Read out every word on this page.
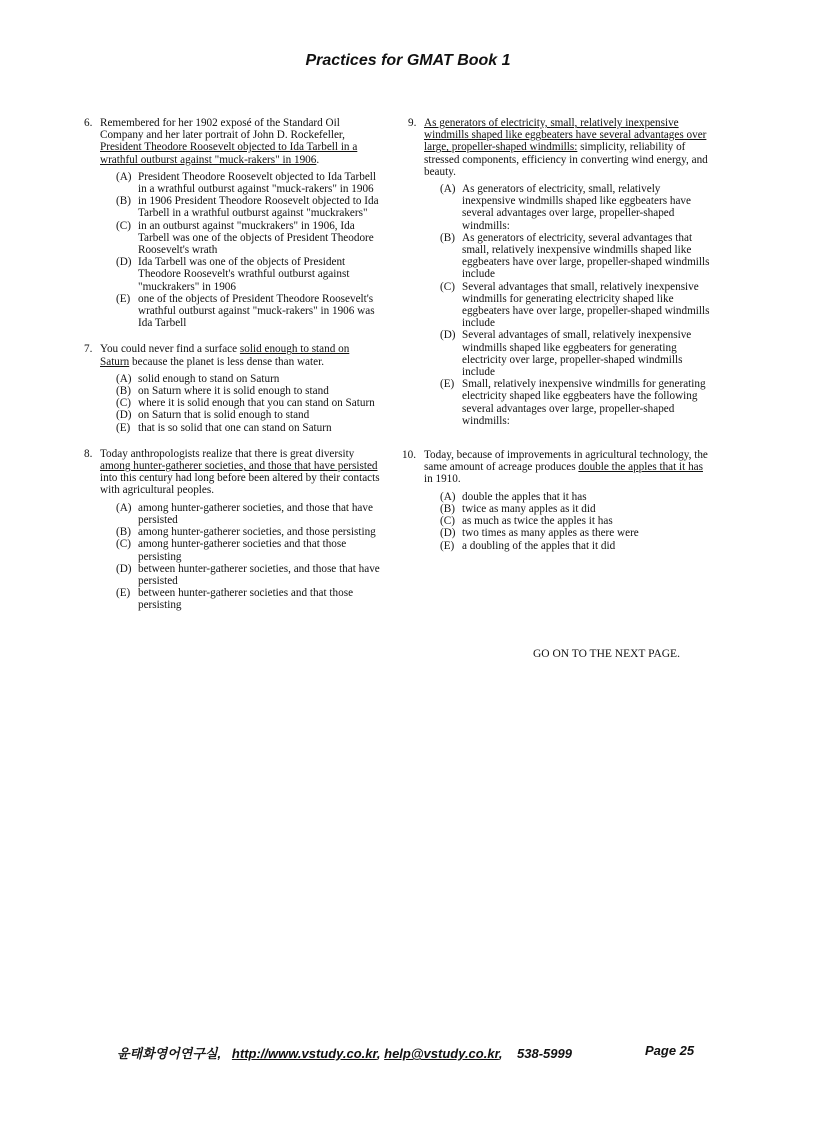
Practices for GMAT Book 1
6. Remembered for her 1902 exposé of the Standard Oil Company and her later portrait of John D. Rockefeller, President Theodore Roosevelt objected to Ida Tarbell in a wrathful outburst against "muck-rakers" in 1906.

(A) President Theodore Roosevelt objected to Ida Tarbell in a wrathful outburst against "muck-rakers" in 1906
(B) in 1906 President Theodore Roosevelt objected to Ida Tarbell in a wrathful outburst against "muckrakers"
(C) in an outburst against "muckrakers" in 1906, Ida Tarbell was one of the objects of President Theodore Roosevelt's wrath
(D) Ida Tarbell was one of the objects of President Theodore Roosevelt's wrathful outburst against "muckrakers" in 1906
(E) one of the objects of President Theodore Roosevelt's wrathful outburst against "muck-rakers" in 1906 was Ida Tarbell
7. You could never find a surface solid enough to stand on Saturn because the planet is less dense than water.

(A) solid enough to stand on Saturn
(B) on Saturn where it is solid enough to stand
(C) where it is solid enough that you can stand on Saturn
(D) on Saturn that is solid enough to stand
(E) that is so solid that one can stand on Saturn
8. Today anthropologists realize that there is great diversity among hunter-gatherer societies, and those that have persisted into this century had long before been altered by their contacts with agricultural peoples.

(A) among hunter-gatherer societies, and those that have persisted
(B) among hunter-gatherer societies, and those persisting
(C) among hunter-gatherer societies and that those persisting
(D) between hunter-gatherer societies, and those that have persisted
(E) between hunter-gatherer societies and that those persisting
9. As generators of electricity, small, relatively inexpensive windmills shaped like eggbeaters have several advantages over large, propeller-shaped windmills: simplicity, reliability of stressed components, efficiency in converting wind energy, and beauty.

(A) As generators of electricity, small, relatively inexpensive windmills shaped like eggbeaters have several advantages over large, propeller-shaped windmills:
(B) As generators of electricity, several advantages that small, relatively inexpensive windmills shaped like eggbeaters have over large, propeller-shaped windmills include
(C) Several advantages that small, relatively inexpensive windmills for generating electricity shaped like eggbeaters have over large, propeller-shaped windmills include
(D) Several advantages of small, relatively inexpensive windmills shaped like eggbeaters for generating electricity over large, propeller-shaped windmills include
(E) Small, relatively inexpensive windmills for generating electricity shaped like eggbeaters have the following several advantages over large, propeller-shaped windmills:
10. Today, because of improvements in agricultural technology, the same amount of acreage produces double the apples that it has in 1910.

(A) double the apples that it has
(B) twice as many apples as it did
(C) as much as twice the apples it has
(D) two times as many apples as there were
(E) a doubling of the apples that it did
GO ON TO THE NEXT PAGE.
윤태화영어연구실, http://www.vstudy.co.kr, help@vstudy.co.kr, 538-5999	Page 25
